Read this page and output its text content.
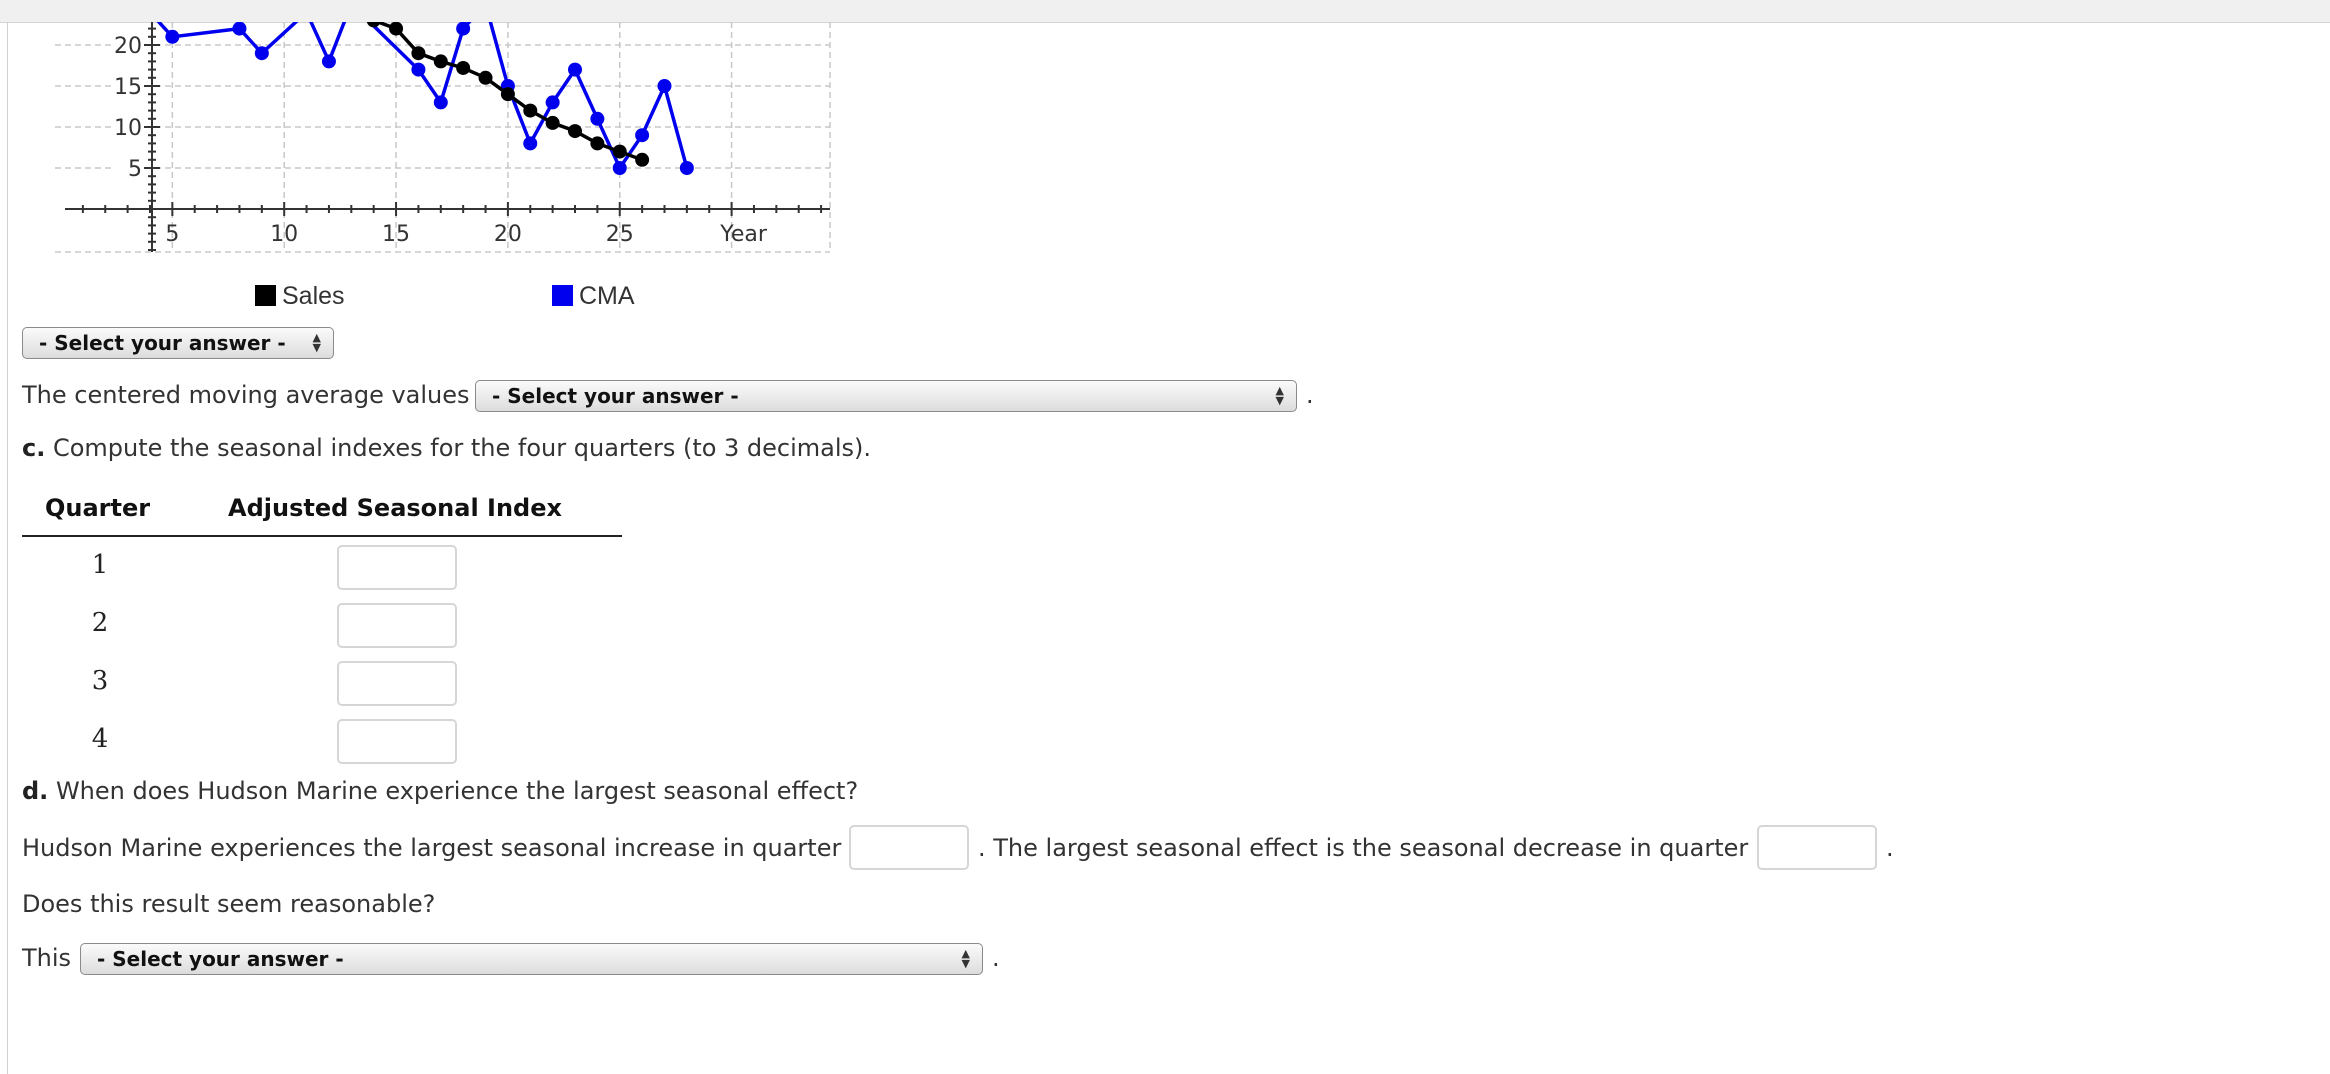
5	10	15	20	25	Year
5
10
15
20
Sales	CMA
- Select your answer - ▲
▼
The centered moving average values - Select your answer -	▲
▼ .
c. Compute the seasonal indexes for the four quarters (to 3 decimals).
Quarter	Adjusted Seasonal Index
1
2
3
4
d. When does Hudson Marine experience the largest seasonal effect?
Hudson Marine experiences the largest seasonal increase in quarter	. The largest seasonal effect is the seasonal decrease in quarter	.
Does this result seem reasonable?
This - Select your answer -	▲
▼ .
